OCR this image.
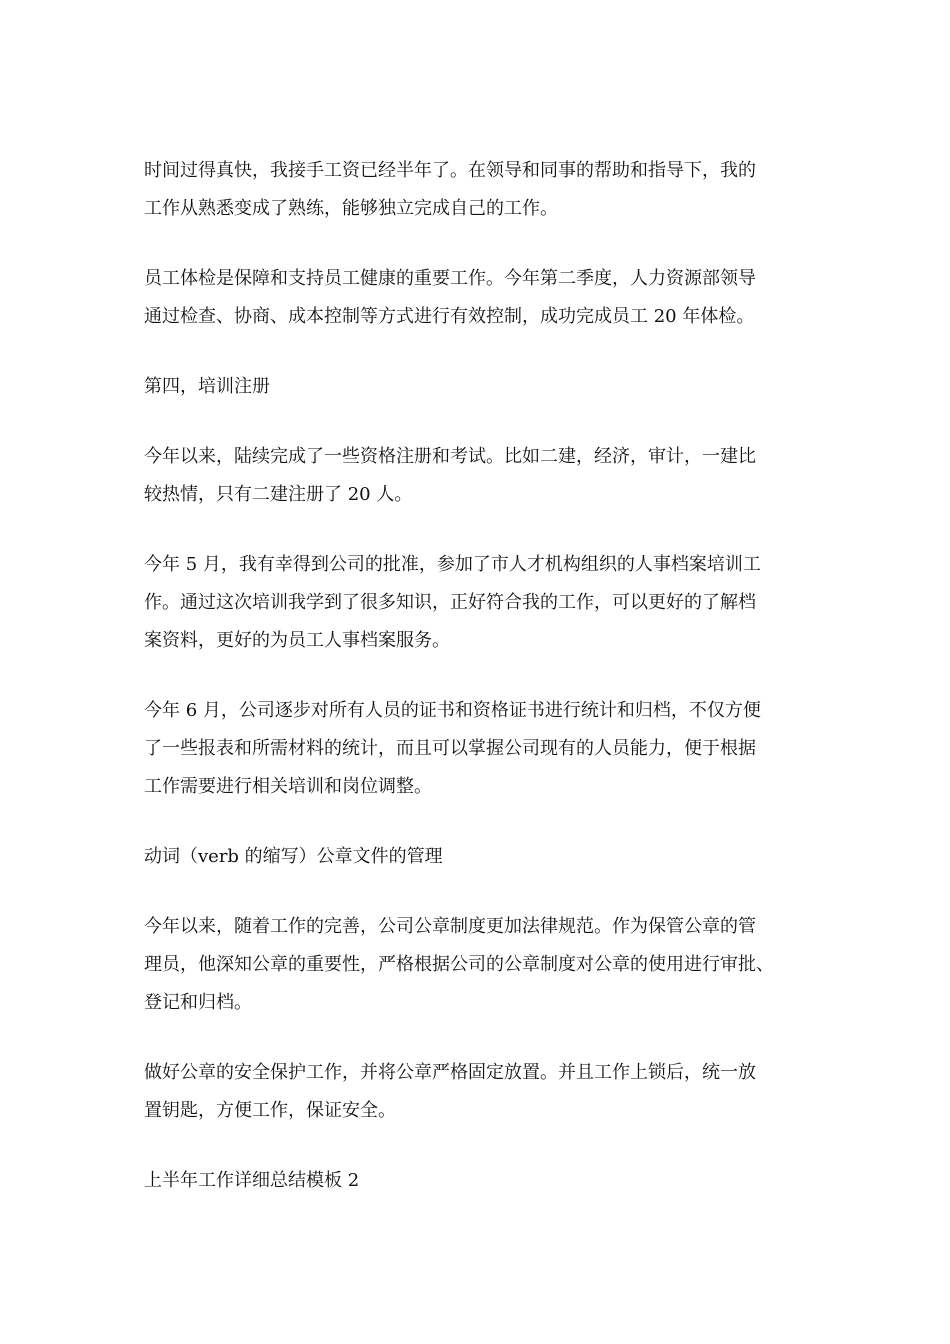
时间过得真快，我接手工资已经半年了。在领导和同事的帮助和指导下，我的
工作从熟悉变成了熟练，能够独立完成自己的工作。

员工体检是保障和支持员工健康的重要工作。今年第二季度，人力资源部领导
通过检查、协商、成本控制等方式进行有效控制，成功完成员工 20 年体检。

第四，培训注册

今年以来，陆续完成了一些资格注册和考试。比如二建，经济，审计，一建比
较热情，只有二建注册了 20 人。

今年 5 月，我有幸得到公司的批准，参加了市人才机构组织的人事档案培训工
作。通过这次培训我学到了很多知识，正好符合我的工作，可以更好的了解档
案资料，更好的为员工人事档案服务。

今年 6 月，公司逐步对所有人员的证书和资格证书进行统计和归档，不仅方便
了一些报表和所需材料的统计，而且可以掌握公司现有的人员能力，便于根据
工作需要进行相关培训和岗位调整。

动词（verb 的缩写）公章文件的管理

今年以来，随着工作的完善，公司公章制度更加法律规范。作为保管公章的管
理员，他深知公章的重要性，严格根据公司的公章制度对公章的使用进行审批、
登记和归档。

做好公章的安全保护工作，并将公章严格固定放置。并且工作上锁后，统一放
置钥匙，方便工作，保证安全。

上半年工作详细总结模板 2
